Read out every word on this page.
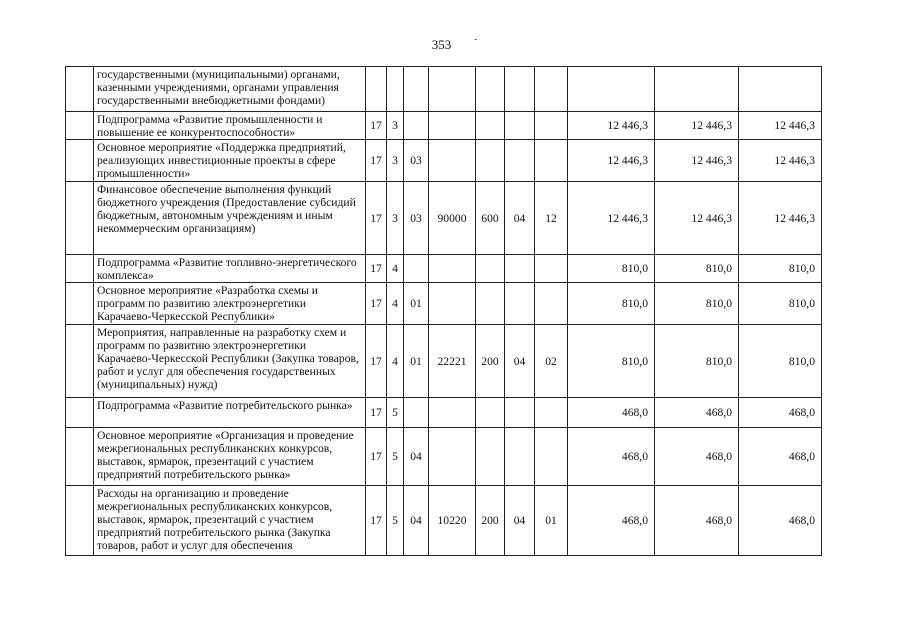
353	-
	государственными (муниципальными) органами, казенными учреждениями, органами управления государственными внебюджетными фондами)										
	Подпрограмма «Развитие промышленности и повышение ее конкурентоспособности»	17	3						12 446,3	12 446,3	12 446,3
	Основное мероприятие «Поддержка предприятий, реализующих инвестиционные проекты в сфере промышленности»	17	3	03					12 446,3	12 446,3	12 446,3
	Финансовое обеспечение выполнения функций бюджетного учреждения (Предоставление субсидий бюджетным, автономным учреждениям и иным некоммерческим организациям)	17	3	03	90000	600	04	12	12 446,3	12 446,3	12 446,3
	Подпрограмма «Развитие топливно-энергетического комплекса»	17	4						810,0	810,0	810,0
	Основное мероприятие «Разработка схемы и программ по развитию электроэнергетики Карачаево-Черкесской Республики»	17	4	01					810,0	810,0	810,0
	Мероприятия, направленные на разработку схем и программ по развитию электроэнергетики Карачаево-Черкесской Республики (Закупка товаров, работ и услуг для обеспечения государственных (муниципальных) нужд)	17	4	01	22221	200	04	02	810,0	810,0	810,0
	Подпрограмма «Развитие потребительского рынка»	17	5						468,0	468,0	468,0
	Основное мероприятие «Организация и проведение межрегиональных республиканских конкурсов, выставок, ярмарок, презентаций с участием предприятий потребительского рынка»	17	5	04					468,0	468,0	468,0
	Расходы на организацию и проведение межрегиональных республиканских конкурсов, выставок, ярмарок, презентаций с участием предприятий потребительского рынка (Закупка товаров, работ и услуг для обеспечения	17	5	04	10220	200	04	01	468,0	468,0	468,0
